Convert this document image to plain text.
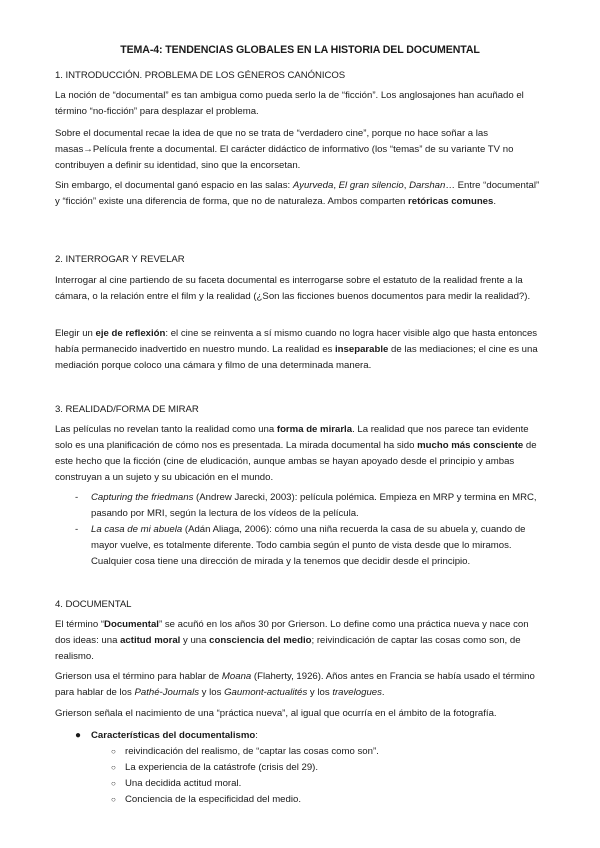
TEMA-4: TENDENCIAS GLOBALES EN LA HISTORIA DEL DOCUMENTAL
1. INTRODUCCIÓN. PROBLEMA DE LOS GÉNEROS CANÓNICOS

La noción de “documental” es tan ambigua como pueda serlo la de “ficción”. Los anglosajones han acuñado el término “no-ficción” para desplazar el problema.

Sobre el documental recae la idea de que no se trata de “verdadero cine”, porque no hace soñar a las masas→Película frente a documental. El carácter didáctico de informativo (los “temas” de su variante TV no contribuyen a definir su identidad, sino que la encorsetan.

Sin embargo, el documental ganó espacio en las salas: Ayurveda, El gran silencio, Darshan… Entre “documental” y “ficción” existe una diferencia de forma, que no de naturaleza. Ambos comparten retóricas comunes.

2. INTERROGAR Y REVELAR

Interrogar al cine partiendo de su faceta documental es interrogarse sobre el estatuto de la realidad frente a la cámara, o la relación entre el film y la realidad (¿Son las ficciones buenos documentos para medir la realidad?).

Elegir un eje de reflexión: el cine se reinventa a sí mismo cuando no logra hacer visible algo que hasta entonces había permanecido inadvertido en nuestro mundo. La realidad es inseparable de las mediaciones; el cine es una mediación porque coloco una cámara y filmo de una determinada manera.

3. REALIDAD/FORMA DE MIRAR

Las películas no revelan tanto la realidad como una forma de mirarla. La realidad que nos parece tan evidente solo es una planificación de cómo nos es presentada. La mirada documental ha sido mucho más consciente de este hecho que la ficción (cine de eludicación, aunque ambas se hayan apoyado desde el principio y ambas construyan a un sujeto y su ubicación en el mundo.

- Capturing the friedmans (Andrew Jarecki, 2003): película polémica. Empieza en MRP y termina en MRC, pasando por MRI, según la lectura de los vídeos de la película.
- La casa de mi abuela (Adán Aliaga, 2006): cómo una niña recuerda la casa de su abuela y, cuando de mayor vuelve, es totalmente diferente. Todo cambia según el punto de vista desde que lo miramos. Cualquier cosa tiene una dirección de mirada y la tenemos que decidir desde el principio.
4. DOCUMENTAL

El término “Documental” se acuñó en los años 30 por Grierson. Lo define como una práctica nueva y nace con dos ideas: una actitud moral y una consciencia del medio; reivindicación de captar las cosas como son, de realismo.

Grierson usa el término para hablar de Moana (Flaherty, 1926). Años antes en Francia se había usado el término para hablar de los Pathé-Journals y los Gaumont-actualités y los travelogues.

Grierson señala el nacimiento de una “práctica nueva”, al igual que ocurría en el ámbito de la fotografía.

● Características del documentalismo:
○ reivindicación del realismo, de “captar las cosas como son”.
○ La experiencia de la catástrofe (crisis del 29).
○ Una decidida actitud moral.
○ Conciencia de la especificidad del medio.
